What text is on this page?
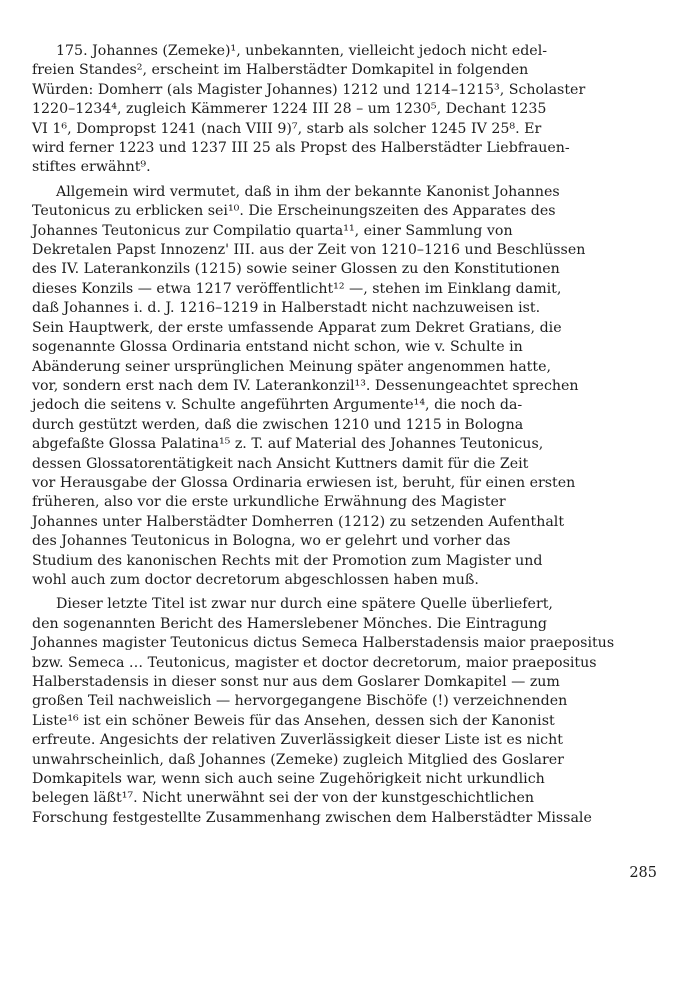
175. Johannes (Zemeke)¹, unbekannten, vielleicht jedoch nicht edel-

freien Standes², erscheint im Halberstädter Domkapitel in folgenden

Würden: Domherr (als Magister Johannes) 1212 und 1214–1215³, Scholaster

1220–1234⁴, zugleich Kämmerer 1224 III 28 – um 1230⁵, Dechant 1235

VI 1⁶, Dompropst 1241 (nach VIII 9)⁷, starb als solcher 1245 IV 25⁸. Er

wird ferner 1223 und 1237 III 25 als Propst des Halberstädter Liebfrauen-

stiftes erwähnt⁹.

Allgemein wird vermutet, daß in ihm der bekannte Kanonist Johannes

Teutonicus zu erblicken sei¹⁰. Die Erscheinungszeiten des Apparates des

Johannes Teutonicus zur Compilatio quarta¹¹, einer Sammlung von

Dekretalen Papst Innozenz' III. aus der Zeit von 1210–1216 und Beschlüssen

des IV. Laterankonzils (1215) sowie seiner Glossen zu den Konstitutionen

dieses Konzils — etwa 1217 veröffentlicht¹² —, stehen im Einklang damit,

daß Johannes i. d. J. 1216–1219 in Halberstadt nicht nachzuweisen ist.

Sein Hauptwerk, der erste umfassende Apparat zum Dekret Gratians, die

sogenannte Glossa Ordinaria entstand nicht schon, wie v. Schulte in

Abänderung seiner ursprünglichen Meinung später angenommen hatte,

vor, sondern erst nach dem IV. Laterankonzil¹³. Dessenungeachtet sprechen

jedoch die seitens v. Schulte angeführten Argumente¹⁴, die noch da-

durch gestützt werden, daß die zwischen 1210 und 1215 in Bologna

abgefaßte Glossa Palatina¹⁵ z. T. auf Material des Johannes Teutonicus,

dessen Glossatorentätigkeit nach Ansicht Kuttners damit für die Zeit

vor Herausgabe der Glossa Ordinaria erwiesen ist, beruht, für einen ersten

früheren, also vor die erste urkundliche Erwähnung des Magister

Johannes unter Halberstädter Domherren (1212) zu setzenden Aufenthalt

des Johannes Teutonicus in Bologna, wo er gelehrt und vorher das

Studium des kanonischen Rechts mit der Promotion zum Magister und

wohl auch zum doctor decretorum abgeschlossen haben muß.

Dieser letzte Titel ist zwar nur durch eine spätere Quelle überliefert,

den sogenannten Bericht des Hamerslebener Mönches. Die Eintragung

Johannes magister Teutonicus dictus Semeca Halberstadensis maior praepositus

bzw. Semeca … Teutonicus, magister et doctor decretorum, maior praepositus

Halberstadensis in dieser sonst nur aus dem Goslarer Domkapitel — zum

großen Teil nachweislich — hervorgegangene Bischöfe (!) verzeichnenden

Liste¹⁶ ist ein schöner Beweis für das Ansehen, dessen sich der Kanonist

erfreute. Angesichts der relativen Zuverlässigkeit dieser Liste ist es nicht

unwahrscheinlich, daß Johannes (Zemeke) zugleich Mitglied des Goslarer

Domkapitels war, wenn sich auch seine Zugehörigkeit nicht urkundlich

belegen läßt¹⁷. Nicht unerwähnt sei der von der kunstgeschichtlichen

Forschung festgestellte Zusammenhang zwischen dem Halberstädter Missale

285
